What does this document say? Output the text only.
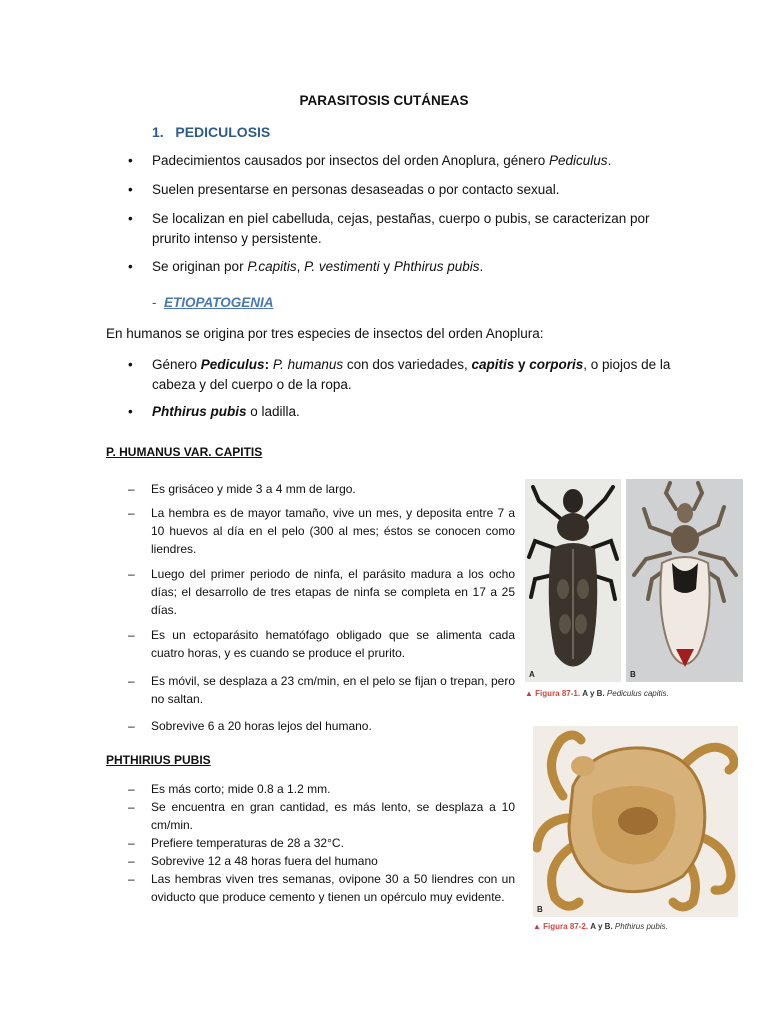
PARASITOSIS CUTÁNEAS
1. PEDICULOSIS
• Padecimientos causados por insectos del orden Anoplura, género Pediculus.
• Suelen presentarse en personas desaseadas o por contacto sexual.
• Se localizan en piel cabelluda, cejas, pestañas, cuerpo o pubis, se caracterizan por
prurito intenso y persistente.
• Se originan por P.capitis, P. vestimenti y Phthirus pubis.
- ETIOPATOGENIA
En humanos se origina por tres especies de insectos del orden Anoplura:
• Género Pediculus: P. humanus con dos variedades, capitis y corporis, o piojos de la
cabeza y del cuerpo o de la ropa.
• Phthirus pubis o ladilla.
P. HUMANUS VAR. CAPITIS
– Es grisáceo y mide 3 a 4 mm de largo.
– La hembra es de mayor tamaño, vive un mes, y deposita entre 7 a 10 huevos al día en el pelo (300 al mes; éstos se conocen como liendres.
– Luego del primer periodo de ninfa, el parásito madura a los ocho días; el desarrollo de tres etapas de ninfa se completa en 17 a 25 días.
– Es un ectoparásito hematófago obligado que se alimenta cada cuatro horas, y es cuando se produce el prurito.
– Es móvil, se desplaza a 23 cm/min, en el pelo se fijan o trepan, pero no saltan.
– Sobrevive 6 a 20 horas lejos del humano.
A	B
▲ Figura 87-1. A y B. Pediculus capitis.
PHTHIRIUS PUBIS
– Es más corto; mide 0.8 a 1.2 mm.
– Se encuentra en gran cantidad, es más lento, se desplaza a 10 cm/min.
– Prefiere temperaturas de 28 a 32°C.
– Sobrevive 12 a 48 horas fuera del humano
– Las hembras viven tres semanas, ovipone 30 a 50 liendres con un oviducto que produce cemento y tienen un opérculo muy evidente.
B
▲ Figura 87-2. A y B. Phthirus pubis.
